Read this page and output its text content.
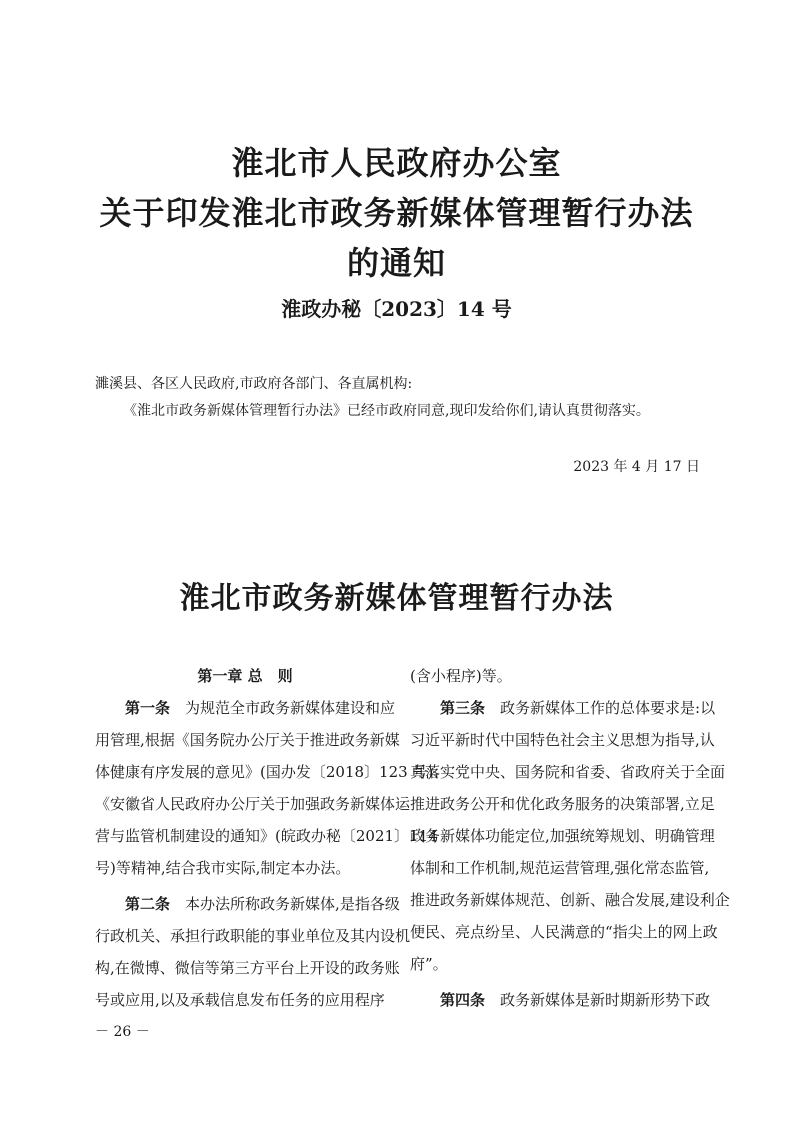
淮北市人民政府办公室
关于印发淮北市政务新媒体管理暂行办法
的通知
淮政办秘〔2023〕14 号
濉溪县、各区人民政府,市政府各部门、各直属机构:
《淮北市政务新媒体管理暂行办法》已经市政府同意,现印发给你们,请认真贯彻落实。
2023 年 4 月 17 日
淮北市政务新媒体管理暂行办法
第一章 总　则
　　第一条　 为规范全市政务新媒体建设和应
用管理,根据《国务院办公厅关于推进政务新媒
体健康有序发展的意见》(国办发〔2018〕123 号)、
《安徽省人民政府办公厅关于加强政务新媒体运
营与监管机制建设的通知》(皖政办秘〔2021〕114
号)等精神,结合我市实际,制定本办法。
　　第二条　 本办法所称政务新媒体,是指各级
行政机关、承担行政职能的事业单位及其内设机
构,在微博、微信等第三方平台上开设的政务账
号或应用,以及承载信息发布任务的应用程序
(含小程序)等。
　　第三条　 政务新媒体工作的总体要求是:以
习近平新时代中国特色社会主义思想为指导,认
真落实党中央、国务院和省委、省政府关于全面
推进政务公开和优化政务服务的决策部署,立足
政务新媒体功能定位,加强统筹规划、明确管理
体制和工作机制,规范运营管理,强化常态监管,
推进政务新媒体规范、创新、融合发展,建设利企
便民、亮点纷呈、人民满意的“指尖上的网上政
府”。
　　第四条　 政务新媒体是新时期新形势下政
－ 26 －
